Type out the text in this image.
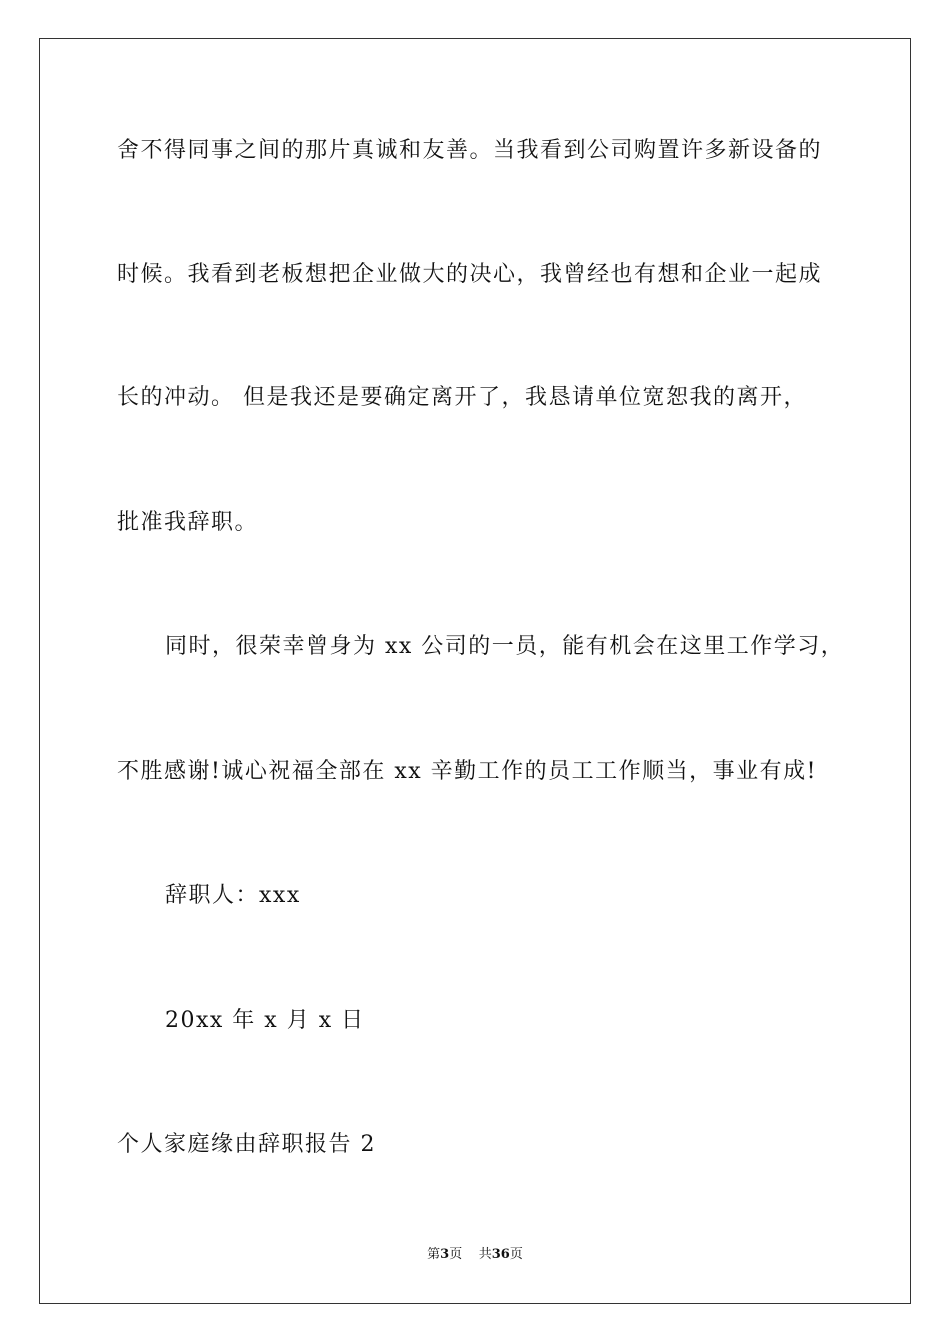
舍不得同事之间的那片真诚和友善。当我看到公司购置许多新设备的
时候。我看到老板想把企业做大的决心，我曾经也有想和企业一起成
长的冲动。 但是我还是要确定离开了，我恳请单位宽恕我的离开，
批准我辞职。
同时，很荣幸曾身为 xx 公司的一员，能有机会在这里工作学习，
不胜感谢!诚心祝福全部在 xx 辛勤工作的员工工作顺当，事业有成!
辞职人：xxx
20xx 年 x 月 x 日
个人家庭缘由辞职报告 2
第3页 共36页
